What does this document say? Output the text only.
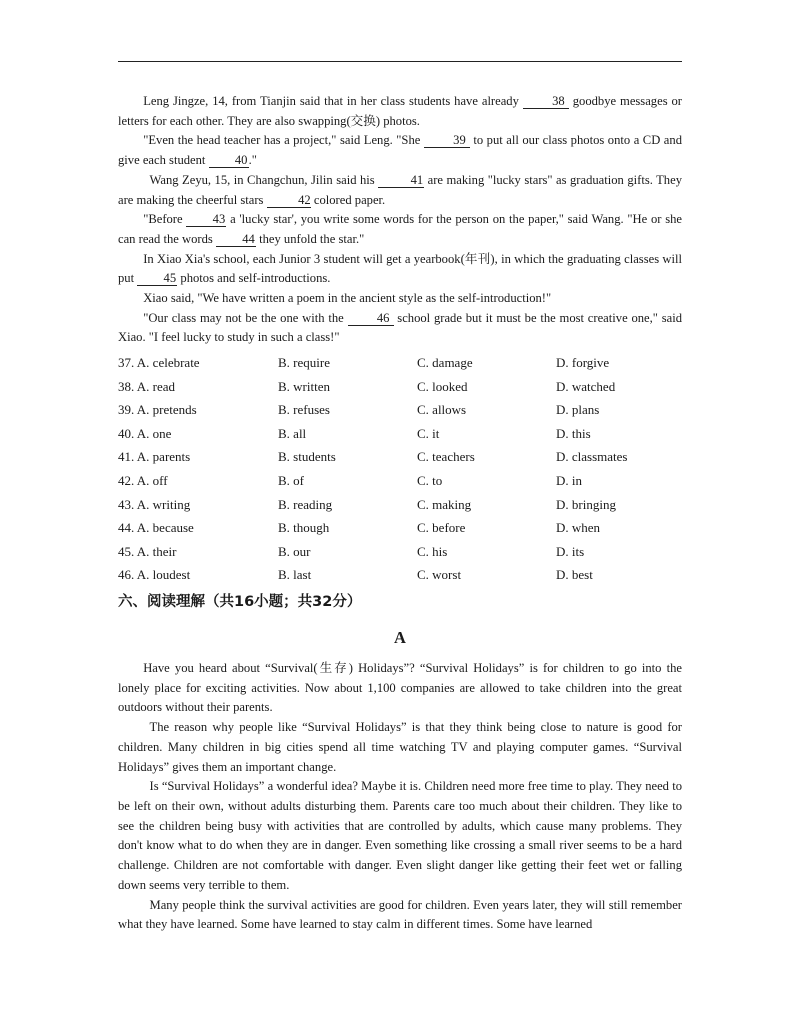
Leng Jingze, 14, from Tianjin said that in her class students have already 38 goodbye messages or letters for each other. They are also swapping(交换) photos.

"Even the head teacher has a project," said Leng. "She 39 to put all our class photos onto a CD and give each student 40."

Wang Zeyu, 15, in Changchun, Jilin said his	41 are making "lucky stars" as graduation gifts. They are making the cheerful stars	42 colored paper.

"Before 43 a 'lucky star', you write some words for the person on the paper," said Wang. "He or she can read the words 44 they unfold the star."

In Xiao Xia's school, each Junior 3 student will get a yearbook(年刊), in which the graduating classes will put 45 photos and self-introductions.

Xiao said, "We have written a poem in the ancient style as the self-introduction!"

"Our class may not be the one with the 46 school grade but it must be the most creative one," said Xiao. "I feel lucky to study in such a class!"

37. A. celebrate	B. require	C. damage	D. forgive
38. A. read	B. written	C. looked	D. watched
39. A. pretends	B. refuses	C. allows	D. plans
40. A. one	B. all	C. it	D. this
41. A. parents	B. students	C. teachers	D. classmates
42. A. off	B. of	C. to	D. in
43. A. writing	B. reading	C. making	D. bringing
44. A. because	B. though	C. before	D. when
45. A. their	B. our	C. his	D. its
46. A. loudest	B. last	C. worst	D. best
六、阅读理解（共16小题；共32分）
A

Have you heard about “Survival(生存) Holidays”? “Survival Holidays” is for children to go into the lonely place for exciting activities. Now about 1,100 companies are allowed to take children into the great outdoors without their parents.

The reason why people like “Survival Holidays” is that they think being close to nature is good for children. Many children in big cities spend all time watching TV and playing computer games. “Survival Holidays” gives them an important change.

Is “Survival Holidays” a wonderful idea? Maybe it is. Children need more free time to play. They need to be left on their own, without adults disturbing them. Parents care too much about their children. They like to see the children being busy with activities that are controlled by adults, which cause many problems. They don't know what to do when they are in danger. Even something like crossing a small river seems to be a hard challenge. Children are not comfortable with danger. Even slight danger like getting their feet wet or falling down seems very terrible to them.

Many people think the survival activities are good for children. Even years later, they will still remember what they have learned. Some have learned to stay calm in different times. Some have learned
